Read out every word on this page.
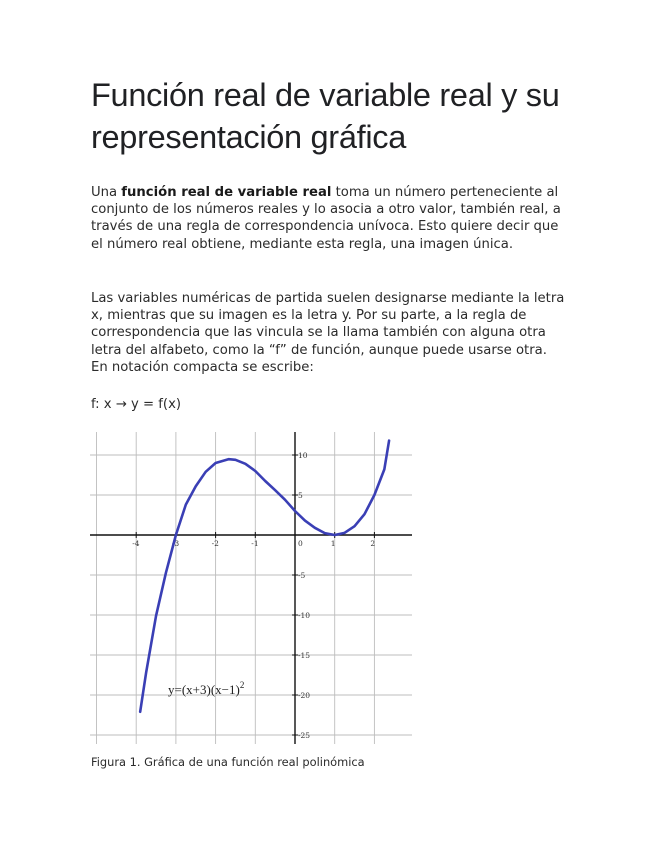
Función real de variable real y su representación gráfica

Una función real de variable real toma un número perteneciente al conjunto de los números reales y lo asocia a otro valor, también real, a través de una regla de correspondencia unívoca. Esto quiere decir que el número real obtiene, mediante esta regla, una imagen única.

Las variables numéricas de partida suelen designarse mediante la letra x, mientras que su imagen es la letra y. Por su parte, a la regla de correspondencia que las vincula se la llama también con alguna otra letra del alfabeto, como la “f” de función, aunque puede usarse otra. En notación compacta se escribe:

f: x → y = f(x)

-4	-3	-2	-1	0	1	2
10
5
-5
-10
-15
-20
-25
$y=(x+3)(x-1)^2$

Figura 1. Gráfica de una función real polinómica
